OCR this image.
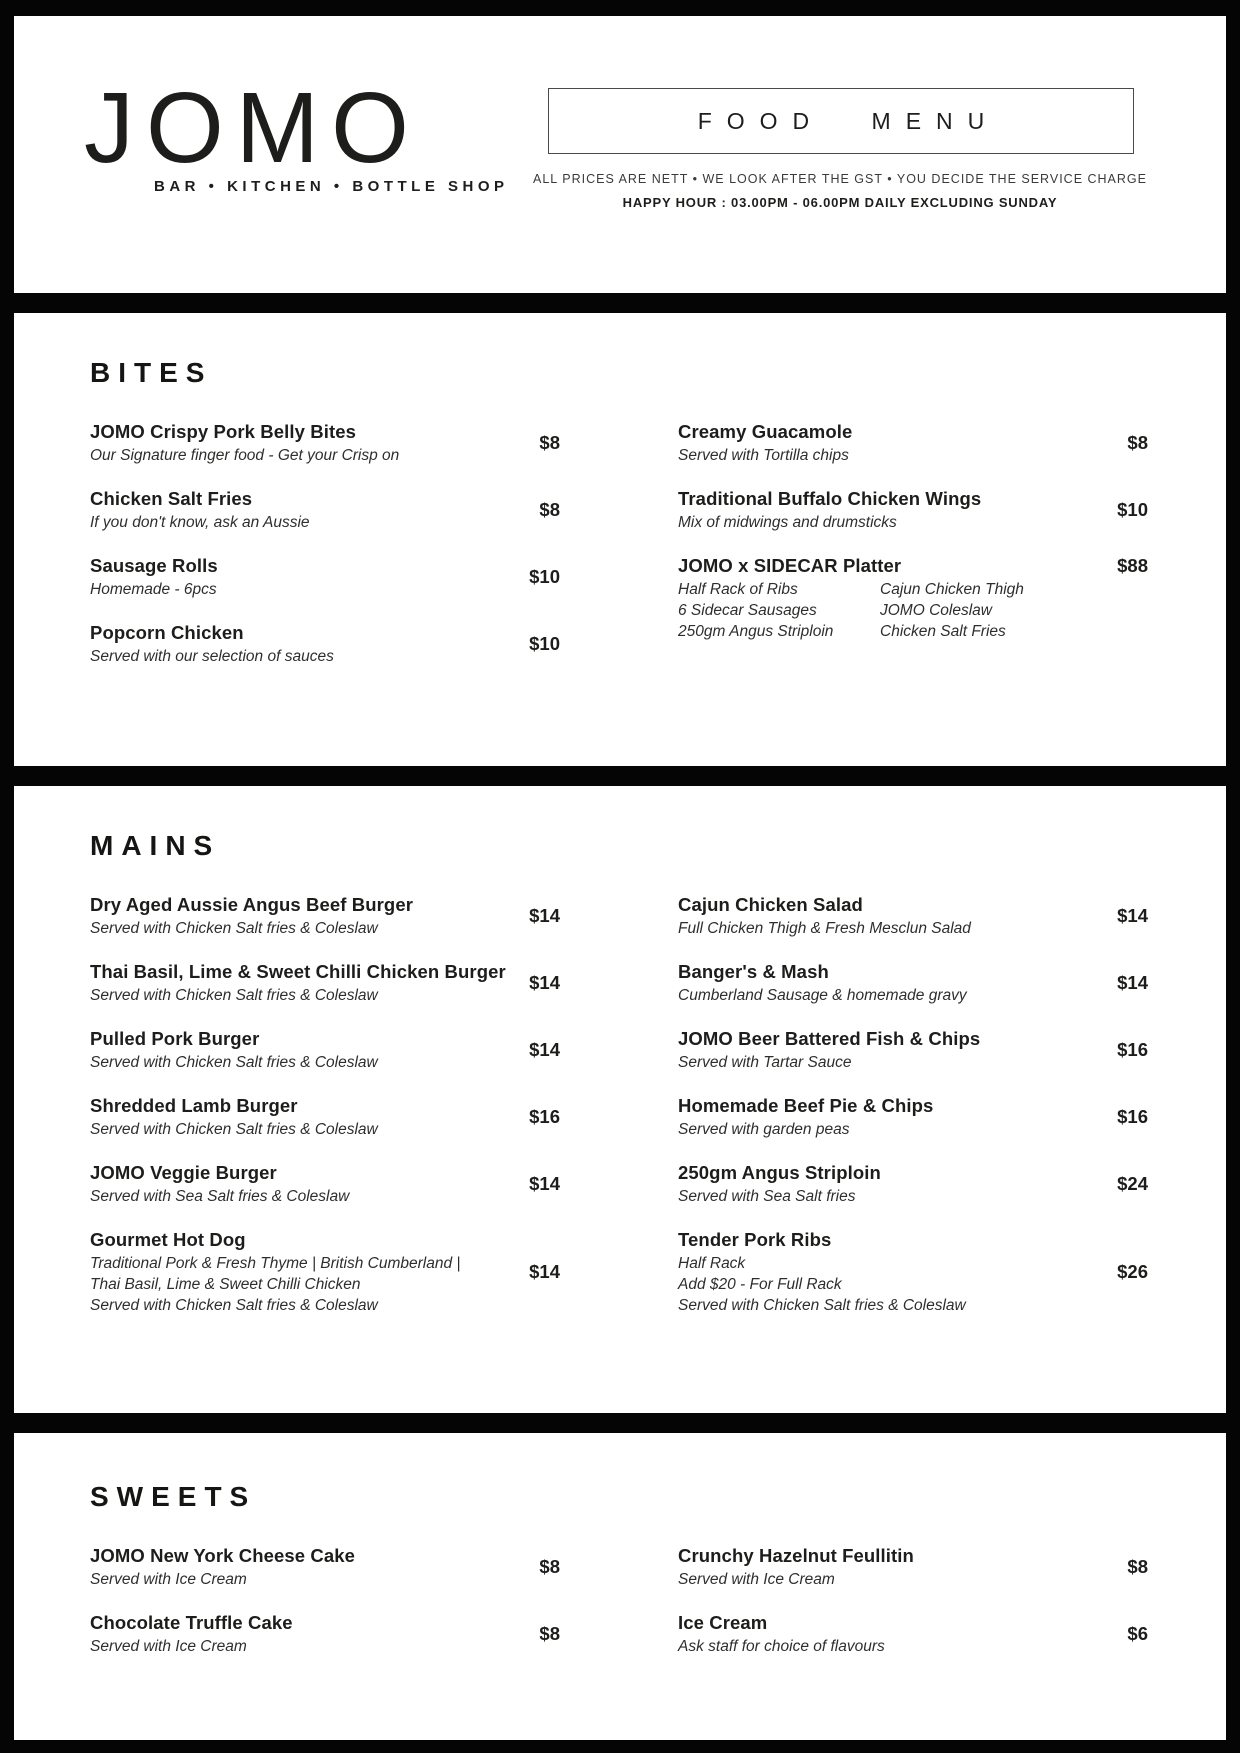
JOMO
BAR • KITCHEN • BOTTLE SHOP
FOOD MENU
ALL PRICES ARE NETT • WE LOOK AFTER THE GST • YOU DECIDE THE SERVICE CHARGE
HAPPY HOUR : 03.00PM - 06.00PM DAILY EXCLUDING SUNDAY
BITES
JOMO Crispy Pork Belly Bites
Our Signature finger food - Get your Crisp on
$8
Chicken Salt Fries
If you don't know, ask an Aussie
$8
Sausage Rolls
Homemade - 6pcs
$10
Popcorn Chicken
Served with our selection of sauces
$10
Creamy Guacamole
Served with Tortilla chips
$8
Traditional Buffalo Chicken Wings
Mix of midwings and drumsticks
$10
JOMO x SIDECAR Platter
Half Rack of Ribs
6 Sidecar Sausages
250gm Angus Striploin
Cajun Chicken Thigh
JOMO Coleslaw
Chicken Salt Fries
$88
MAINS
Dry Aged Aussie Angus Beef Burger
Served with Chicken Salt fries & Coleslaw
$14
Thai Basil, Lime & Sweet Chilli Chicken Burger
Served with Chicken Salt fries & Coleslaw
$14
Pulled Pork Burger
Served with Chicken Salt fries & Coleslaw
$14
Shredded Lamb Burger
Served with Chicken Salt fries & Coleslaw
$16
JOMO Veggie Burger
Served with Sea Salt fries & Coleslaw
$14
Gourmet Hot Dog
Traditional Pork & Fresh Thyme | British Cumberland |
Thai Basil, Lime & Sweet Chilli Chicken
Served with Chicken Salt fries & Coleslaw
$14
Cajun Chicken Salad
Full Chicken Thigh & Fresh Mesclun Salad
$14
Banger's & Mash
Cumberland Sausage & homemade gravy
$14
JOMO Beer Battered Fish & Chips
Served with Tartar Sauce
$16
Homemade Beef Pie & Chips
Served with garden peas
$16
250gm Angus Striploin
Served with Sea Salt fries
$24
Tender Pork Ribs
Half Rack
Add $20 - For Full Rack
Served with Chicken Salt fries & Coleslaw
$26
SWEETS
JOMO New York Cheese Cake
Served with Ice Cream
$8
Chocolate Truffle Cake
Served with Ice Cream
$8
Crunchy Hazelnut Feullitin
Served with Ice Cream
$8
Ice Cream
Ask staff for choice of flavours
$6
